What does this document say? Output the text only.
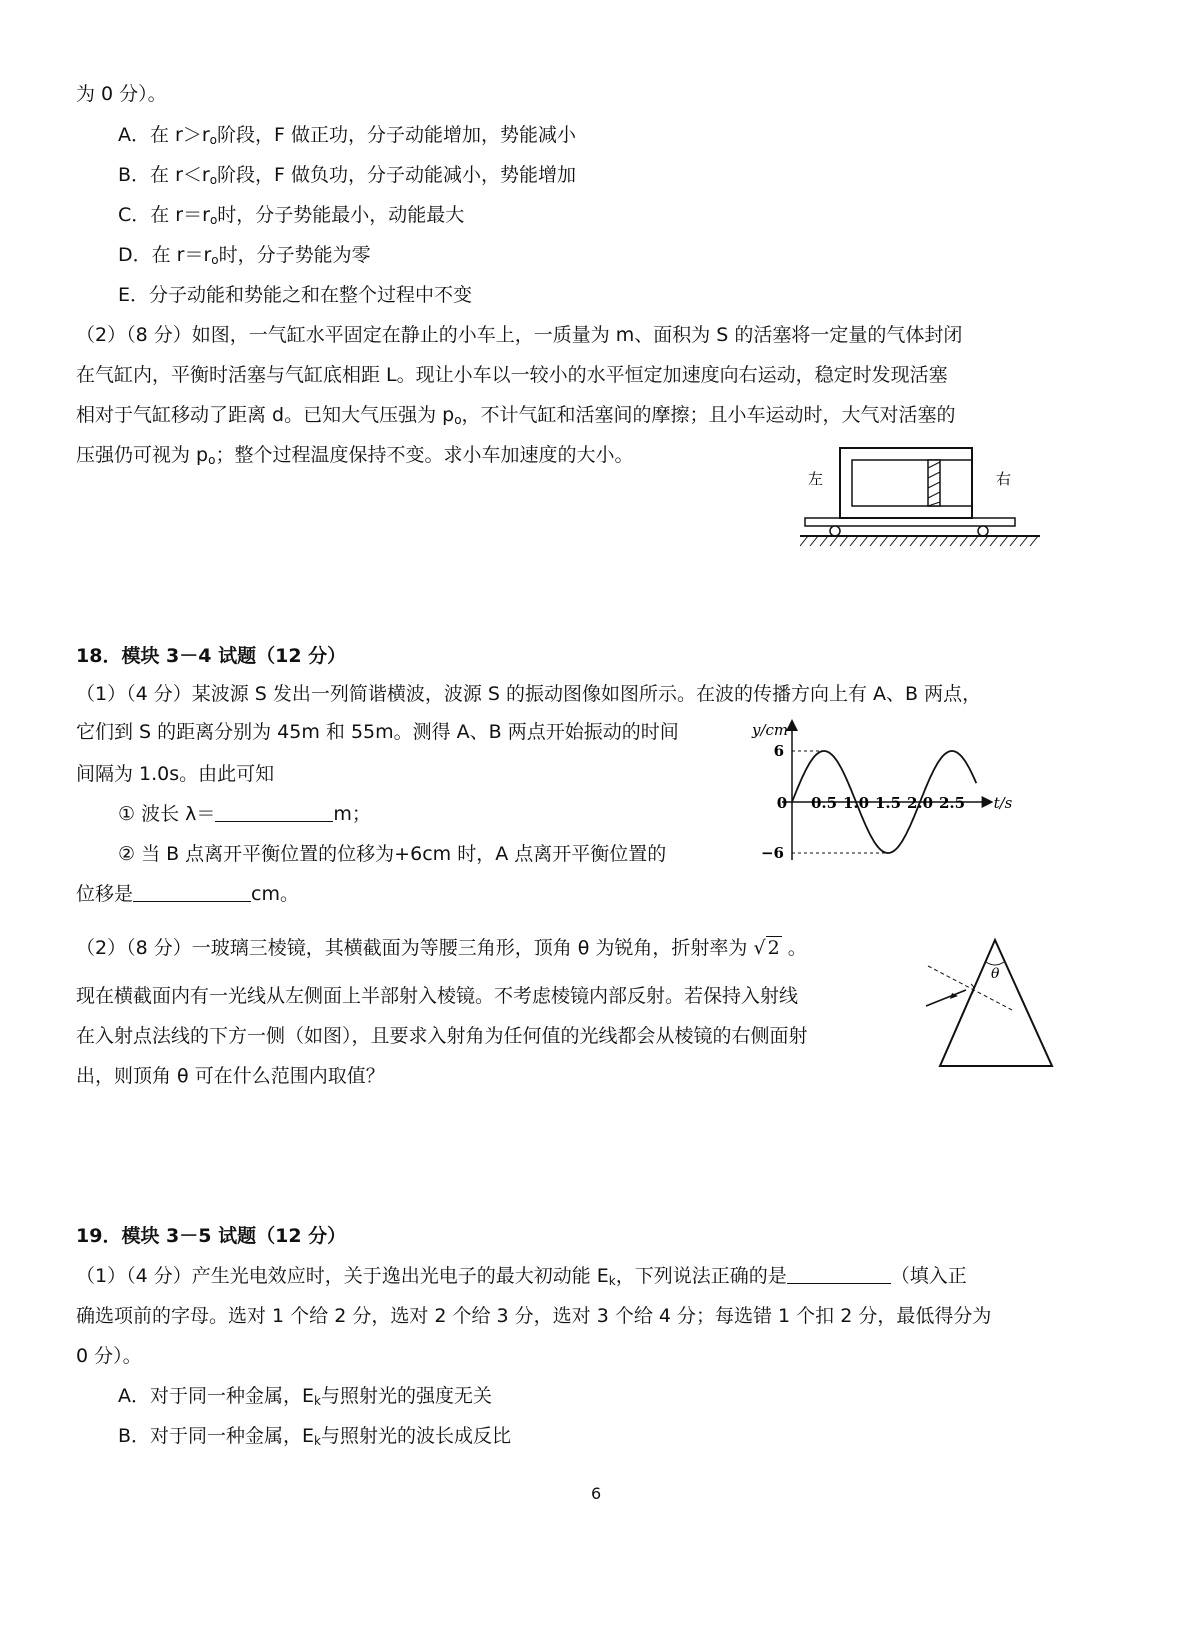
为 0 分）。
A．在 $r>r_o$阶段，F 做正功，分子动能增加，势能减小
B．在 $r<r_o$阶段，F 做负功，分子动能减小，势能增加
C．在 $r=r_o$时，分子势能最小，动能最大
D．在 $r=r_o$时，分子势能为零
E．分子动能和势能之和在整个过程中不变
（2）（8 分）如图，一气缸水平固定在静止的小车上，一质量为 m、面积为 S 的活塞将一定量的气体封闭
在气缸内，平衡时活塞与气缸底相距 L。现让小车以一较小的水平恒定加速度向右运动，稳定时发现活塞
相对于气缸移动了距离 d。已知大气压强为 $p_o$，不计气缸和活塞间的摩擦；且小车运动时，大气对活塞的
压强仍可视为 $p_o$；整个过程温度保持不变。求小车加速度的大小。
左	右
18．模块 3－4 试题（12 分）
（1）（4 分）某波源 S 发出一列简谐横波，波源 S 的振动图像如图所示。在波的传播方向上有 A、B 两点，
它们到 S 的距离分别为 45m 和 55m。测得 A、B 两点开始振动的时间
间隔为 1.0s。由此可知
① 波长 λ＝	m；
② 当 B 点离开平衡位置的位移为+6cm 时，A 点离开平衡位置的
位移是	cm。
0 0.5 1.0 1.5 2.0 2.5
y/cm
t/s
6
−6
（2）（8 分）一玻璃三棱镜，其横截面为等腰三角形，顶角 θ 为锐角，折射率为 √ 2 。
现在横截面内有一光线从左侧面上半部射入棱镜。不考虑棱镜内部反射。若保持入射线
在入射点法线的下方一侧（如图），且要求入射角为任何值的光线都会从棱镜的右侧面射
出，则顶角 θ 可在什么范围内取值？
θ
19．模块 3－5 试题（12 分）
（1）（4 分）产生光电效应时，关于逸出光电子的最大初动能 $E_k$，下列说法正确的是	（填入正
确选项前的字母。选对 1 个给 2 分，选对 2 个给 3 分，选对 3 个给 4 分；每选错 1 个扣 2 分，最低得分为
0 分）。
A．对于同一种金属，$E_k$与照射光的强度无关
B．对于同一种金属，$E_k$与照射光的波长成反比
6
